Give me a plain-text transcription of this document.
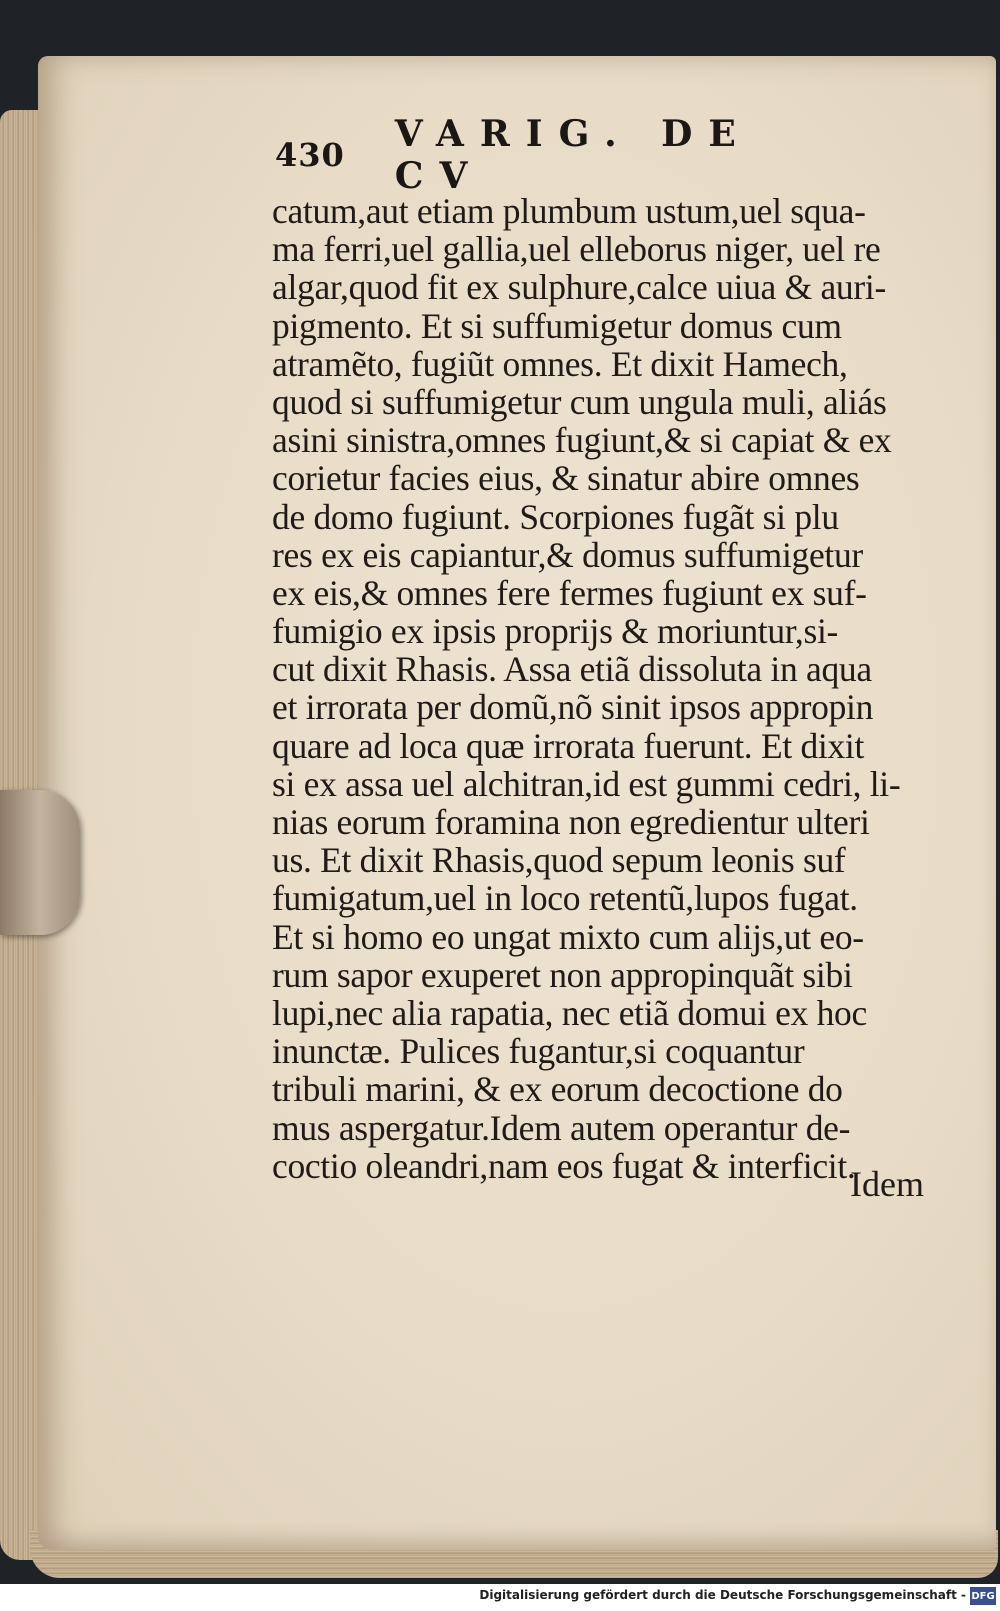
430 VARIG. DE CV
catum,aut etiam plumbum ustum,uel squa-
ma ferri,uel gallia,uel elleborus niger, uel re
algar,quod fit ex sulphure,calce uiua & auri-
pigmento. Et si suffumigetur domus cum
atramẽto, fugiũt omnes. Et dixit Hamech,
quod si suffumigetur cum ungula muli, aliás
asini sinistra,omnes fugiunt,& si capiat & ex
corietur facies eius, & sinatur abire omnes
de domo fugiunt. Scorpiones fugãt si plu
res ex eis capiantur,& domus suffumigetur
ex eis,& omnes fere fermes fugiunt ex suf-
fumigio ex ipsis proprijs & moriuntur,si-
cut dixit Rhasis. Assa etiã dissoluta in aqua
et irrorata per domũ,nõ sinit ipsos appropin
quare ad loca quæ irrorata fuerunt. Et dixit
si ex assa uel alchitran,id est gummi cedri, li-
nias eorum foramina non egredientur ulteri
us. Et dixit Rhasis,quod sepum leonis suf
fumigatum,uel in loco retentũ,lupos fugat.
Et si homo eo ungat mixto cum alijs,ut eo-
rum sapor exuperet non appropinquãt sibi
lupi,nec alia rapatia, nec etiã domui ex hoc
inunctæ. Pulices fugantur,si coquantur
tribuli marini, & ex eorum decoctione do
mus aspergatur.Idem autem operantur de-
coctio oleandri,nam eos fugat & interficit.
Idem
Digitalisierung gefördert durch die Deutsche Forschungsgemeinschaft - DFG
